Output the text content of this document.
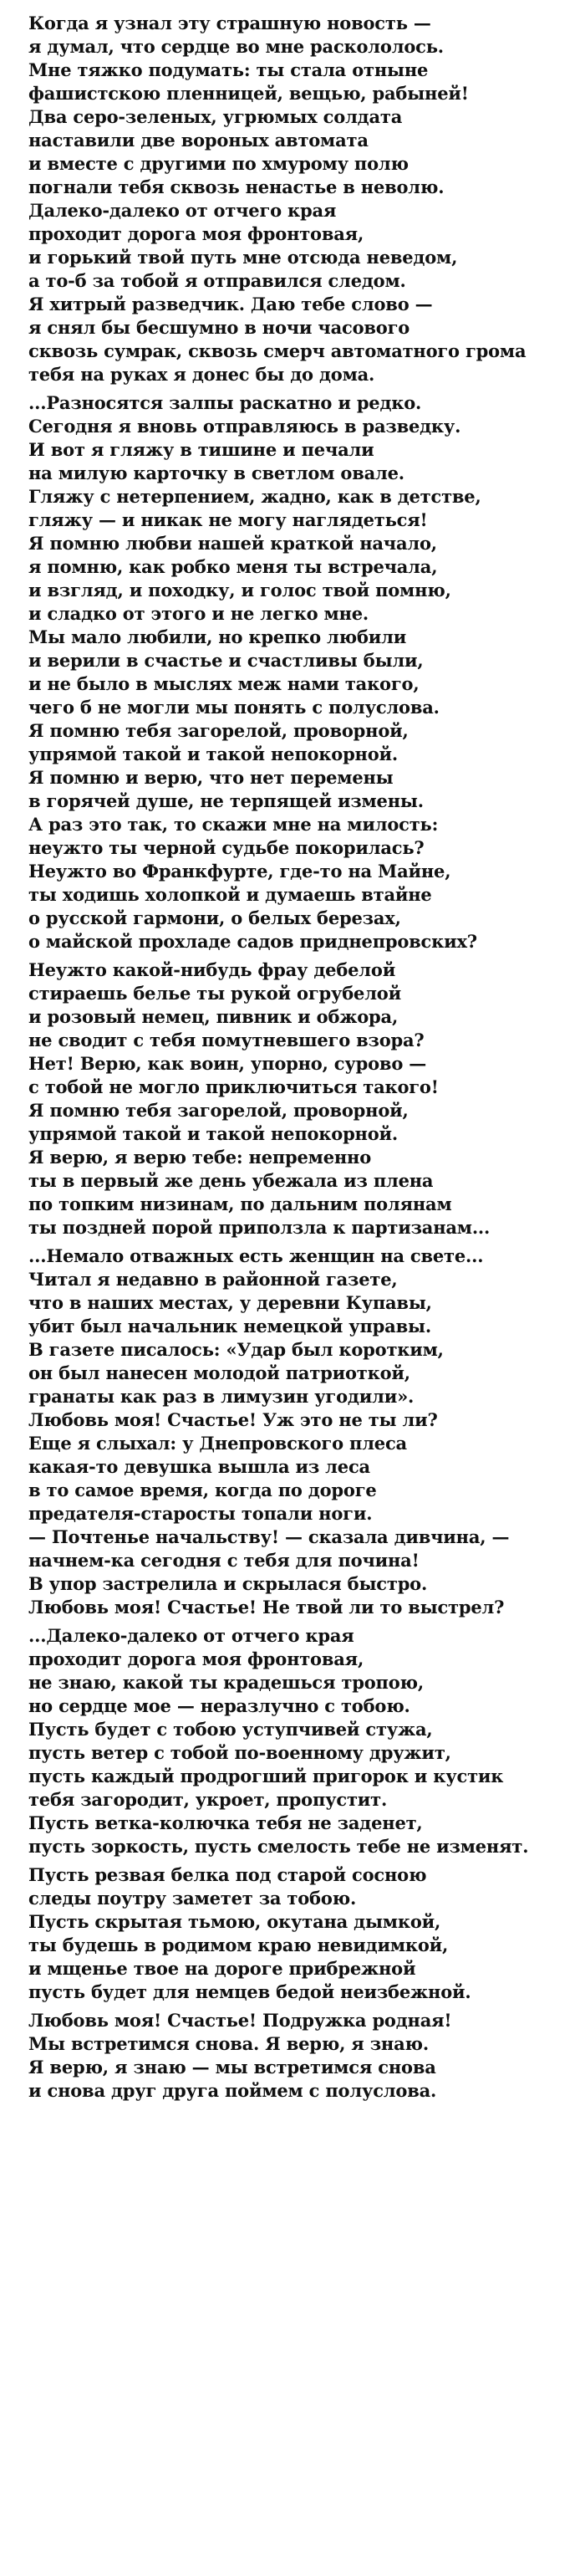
Когда я узнал эту страшную новость —
я думал, что сердце во мне раскололось.
Мне тяжко подумать: ты стала отныне
фашистскою пленницей, вещью, рабыней!
Два серо-зеленых, угрюмых солдата
наставили две вороных автомата
и вместе с другими по хмурому полю
погнали тебя сквозь ненастье в неволю.
Далеко-далеко от отчего края
проходит дорога моя фронтовая,
и горький твой путь мне отсюда неведом,
а то-б за тобой я отправился следом.
Я хитрый разведчик. Даю тебе слово —
я снял бы бесшумно в ночи часового
сквозь сумрак, сквозь смерч автоматного грома
тебя на руках я донес бы до дома.
...Разносятся залпы раскатно и редко.
Сегодня я вновь отправляюсь в разведку.
И вот я гляжу в тишине и печали
на милую карточку в светлом овале.
Гляжу с нетерпением, жадно, как в детстве,
гляжу — и никак не могу наглядеться!
Я помню любви нашей краткой начало,
я помню, как робко меня ты встречала,
и взгляд, и походку, и голос твой помню,
и сладко от этого и не легко мне.
Мы мало любили, но крепко любили
и верили в счастье и счастливы были,
и не было в мыслях меж нами такого,
чего б не могли мы понять с полуслова.
Я помню тебя загорелой, проворной,
упрямой такой и такой непокорной.
Я помню и верю, что нет перемены
в горячей душе, не терпящей измены.
А раз это так, то скажи мне на милость:
неужто ты черной судьбе покорилась?
Неужто во Франкфурте, где-то на Майне,
ты ходишь холопкой и думаешь втайне
о русской гармони, о белых березах,
о майской прохладе садов приднепровских?
Неужто какой-нибудь фрау дебелой
стираешь белье ты рукой огрубелой
и розовый немец, пивник и обжора,
не сводит с тебя помутневшего взора?
Нет! Верю, как воин, упорно, сурово —
с тобой не могло приключиться такого!
Я помню тебя загорелой, проворной,
упрямой такой и такой непокорной.
Я верю, я верю тебе: непременно
ты в первый же день убежала из плена
по топким низинам, по дальним полянам
ты поздней порой приползла к партизанам...
...Немало отважных есть женщин на свете...
Читал я недавно в районной газете,
что в наших местах, у деревни Купавы,
убит был начальник немецкой управы.
В газете писалось: «Удар был коротким,
он был нанесен молодой патриоткой,
гранаты как раз в лимузин угодили».
Любовь моя! Счастье! Уж это не ты ли?
Еще я слыхал: у Днепровского плеса
какая-то девушка вышла из леса
в то самое время, когда по дороге
предателя-старосты топали ноги.
— Почтенье начальству! — сказала дивчина, —
начнем-ка сегодня с тебя для почина!
В упор застрелила и скрылася быстро.
Любовь моя! Счастье! Не твой ли то выстрел?
...Далеко-далеко от отчего края
проходит дорога моя фронтовая,
не знаю, какой ты крадешься тропою,
но сердце мое — неразлучно с тобою.
Пусть будет с тобою уступчивей стужа,
пусть ветер с тобой по-военному дружит,
пусть каждый продрогший пригорок и кустик
тебя загородит, укроет, пропустит.
Пусть ветка-колючка тебя не заденет,
пусть зоркость, пусть смелость тебе не изменят.
Пусть резвая белка под старой сосною
следы поутру заметет за тобою.
Пусть скрытая тьмою, окутана дымкой,
ты будешь в родимом краю невидимкой,
и мщенье твое на дороге прибрежной
пусть будет для немцев бедой неизбежной.
Любовь моя! Счастье! Подружка родная!
Мы встретимся снова. Я верю, я знаю.
Я верю, я знаю — мы встретимся снова
и снова друг друга поймем с полуслова.
